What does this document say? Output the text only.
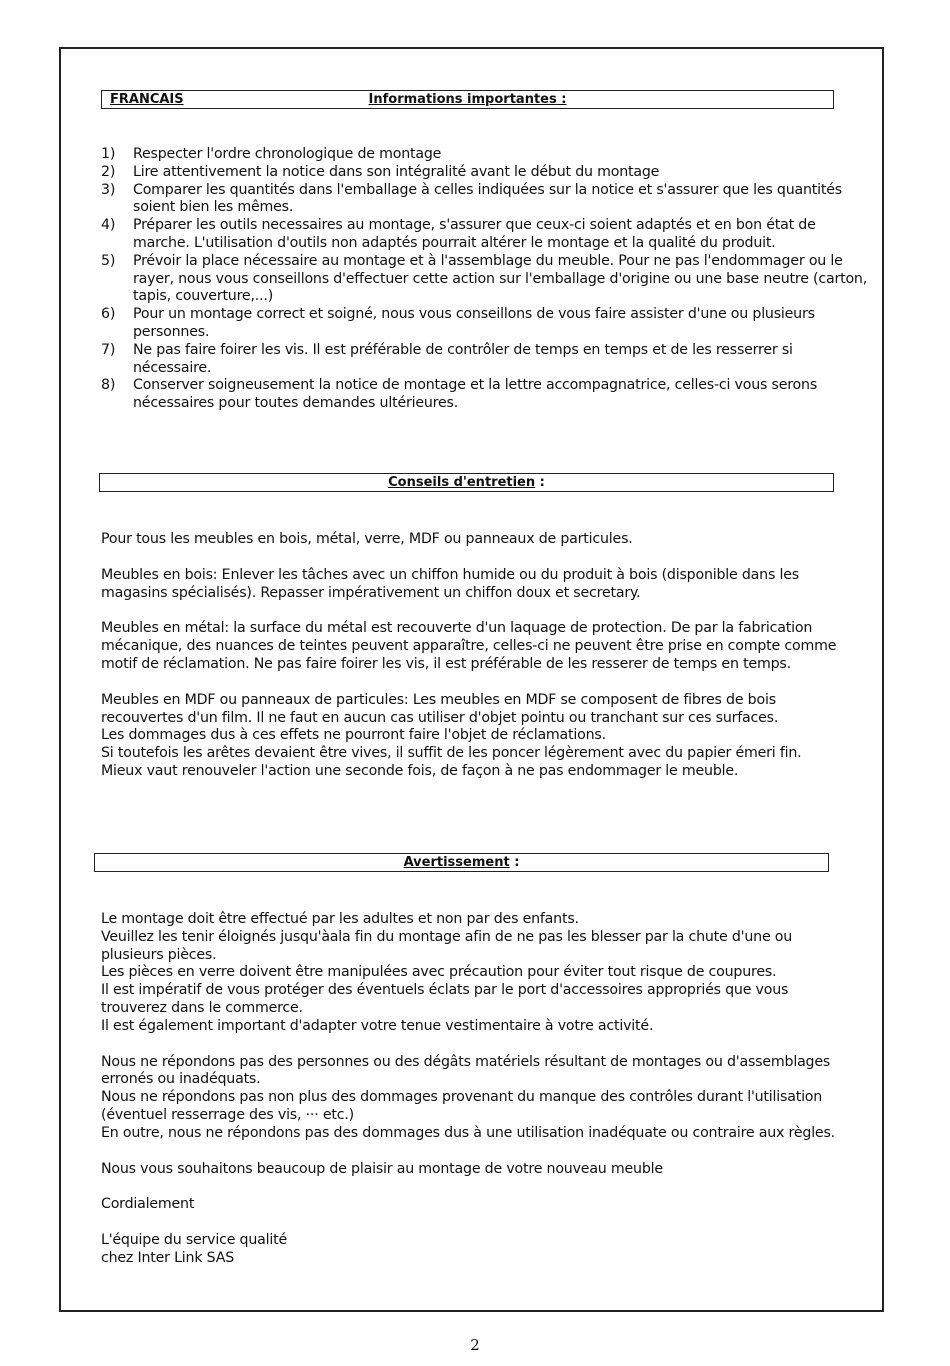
FRANCAIS	Informations importantes :
1) Respecter l'ordre chronologique de montage
2) Lire attentivement la notice dans son intégralité avant le début du montage
3) Comparer les quantités dans l'emballage à celles indiquées sur la notice et s'assurer que les quantités soient bien les mêmes.
4) Préparer les outils necessaires au montage, s'assurer que ceux-ci soient adaptés et en bon état de marche. L'utilisation d'outils non adaptés pourrait altérer le montage et la qualité du produit.
5) Prévoir la place nécessaire au montage et à l'assemblage du meuble. Pour ne pas l'endommager ou le rayer, nous vous conseillons d'effectuer cette action sur l'emballage d'origine ou une base neutre (carton, tapis, couverture,...)
6) Pour un montage correct et soigné, nous vous conseillons de vous faire assister d'une ou plusieurs personnes.
7) Ne pas faire foirer les vis. Il est préférable de contrôler de temps en temps et de les resserrer si nécessaire.
8) Conserver soigneusement la notice de montage et la lettre accompagnatrice, celles-ci vous serons nécessaires pour toutes demandes ultérieures.
Conseils d'entretien :

Pour tous les meubles en bois, métal, verre, MDF ou panneaux de particules.

Meubles en bois: Enlever les tâches avec un chiffon humide ou du produit à bois (disponible dans les magasins spécialisés). Repasser impérativement un chiffon doux et secretary.

Meubles en métal: la surface du métal est recouverte d'un laquage de protection. De par la fabrication mécanique, des nuances de teintes peuvent apparaître, celles-ci ne peuvent être prise en compte comme motif de réclamation. Ne pas faire foirer les vis, il est préférable de les resserer de temps en temps.

Meubles en MDF ou panneaux de particules: Les meubles en MDF se composent de fibres de bois recouvertes d'un film. Il ne faut en aucun cas utiliser d'objet pointu ou tranchant sur ces surfaces.

Les dommages dus à ces effets ne pourront faire l'objet de réclamations.

Si toutefois les arêtes devaient être vives, il suffit de les poncer légèrement avec du papier émeri fin.

Mieux vaut renouveler l'action une seconde fois, de façon à ne pas endommager le meuble.

Avertissement :

Le montage doit être effectué par les adultes et non par des enfants.

Veuillez les tenir éloignés jusqu'àala fin du montage afin de ne pas les blesser par la chute d'une ou plusieurs pièces.

Les pièces en verre doivent être manipulées avec précaution pour éviter tout risque de coupures.

Il est impératif de vous protéger des éventuels éclats par le port d'accessoires appropriés que vous trouverez dans le commerce.

Il est également important d'adapter votre tenue vestimentaire à votre activité.

Nous ne répondons pas des personnes ou des dégâts matériels résultant de montages ou d'assemblages erronés ou inadéquats.

Nous ne répondons pas non plus des dommages provenant du manque des contrôles durant l'utilisation (éventuel resserrage des vis, ··· etc.)

En outre, nous ne répondons pas des dommages dus à une utilisation inadéquate ou contraire aux règles.

Nous vous souhaitons beaucoup de plaisir au montage de votre nouveau meuble

Cordialement

L'équipe du service qualité

chez Inter Link SAS

2
